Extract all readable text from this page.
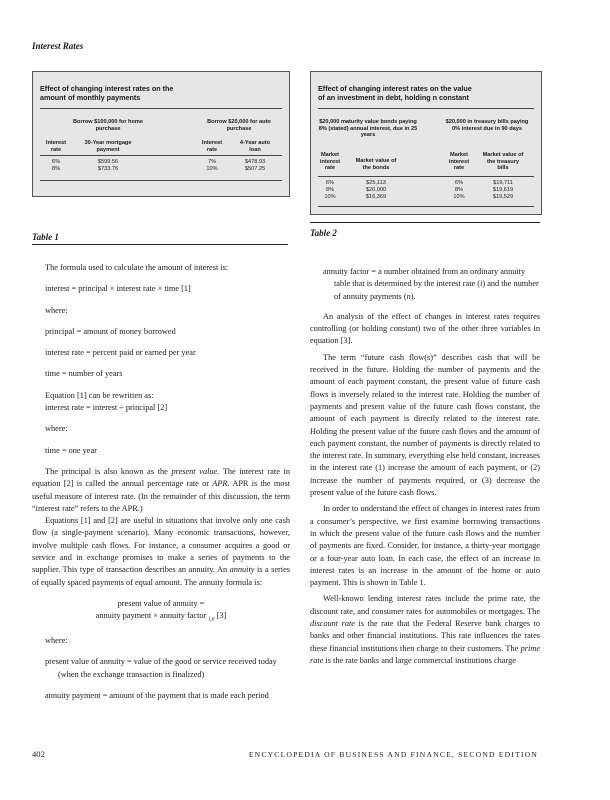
Interest Rates
Effect of changing interest rates on the amount of monthly payments
Borrow $100,000 for home purchase
Borrow $20,000 for auto purchase
Interest rate
30-Year mortgage payment
Interest rate
4-Year auto loan
6%	$599.56	7%	$478.93
8%	$733.76	10%	$507.25
Table 1
Effect of changing interest rates on the value
of an investment in debt, holding n constant
$20,000 maturity value bonds paying 8% (stated) annual interest, due in 25 years
$20,000 in treasury bills paying 0% interest due in 90 days
Market interest rate
Market value of the bonds
Market interest rate
Market value of the treasury bills
6%	$25,113	6%	$19,711
8%	$20,000	8%	$19,619
10%	$16,369	10%	$19,529
Table 2

The formula used to calculate the amount of interest is:

interest = principal × interest rate × time [1]

where:

principal = amount of money borrowed

interest rate = percent paid or earned per year

time = number of years

Equation [1] can be rewritten as:

interest rate = interest ÷ principal [2]

where:

time = one year

The principal is also known as the present value. The interest rate in equation [2] is called the annual percentage rate or APR. APR is the most useful measure of interest rate. (In the remainder of this discussion, the term “interest rate” refers to the APR.)

Equations [1] and [2] are useful in situations that involve only one cash flow (a single-payment scenario). Many economic transactions, however, involve multiple cash flows. For instance, a consumer acquires a good or service and in exchange promises to make a series of payments to the supplier. This type of transaction describes an annuity. An annuity is a series of equally spaced payments of equal amount. The annuity formula is:

present value of annuity =

annuity payment × annuity factor $_{i,n}$ [3]

where:

present value of annuity = value of the good or service received today (when the exchange transaction is finalized)

annuity payment = amount of the payment that is made each period

annuity factor = a number obtained from an ordinary annuity table that is determined by the interest rate (i) and the number of annuity payments (n).

An analysis of the effect of changes in interest rates requires controlling (or holding constant) two of the other three variables in equation [3].

The term “future cash flow(s)” describes cash that will be received in the future. Holding the number of payments and the amount of each payment constant, the present value of future cash flows is inversely related to the interest rate. Holding the number of payments and present value of the future cash flows constant, the amount of each payment is directly related to the interest rate. Holding the present value of the future cash flows and the amount of each payment constant, the number of payments is directly related to the interest rate. In summary, everything else held constant, increases in the interest rate (1) increase the amount of each payment, or (2) increase the number of payments required, or (3) decrease the present value of the future cash flows.

In order to understand the effect of changes in interest rates from a consumer’s perspective, we first examine borrowing transactions in which the present value of the future cash flows and the number of payments are fixed. Consider, for instance, a thirty-year mortgage or a four-year auto loan. In each case, the effect of an increase in interest rates is an increase in the amount of the home or auto payment. This is shown in Table 1.

Well-known lending interest rates include the prime rate, the discount rate, and consumer rates for automobiles or mortgages. The discount rate is the rate that the Federal Reserve bank charges to banks and other financial institutions. This rate influences the rates these financial institutions then charge to their customers. The prime rate is the rate banks and large commercial institutions charge

402	ENCYCLOPEDIA OF BUSINESS AND FINANCE, SECOND EDITION
